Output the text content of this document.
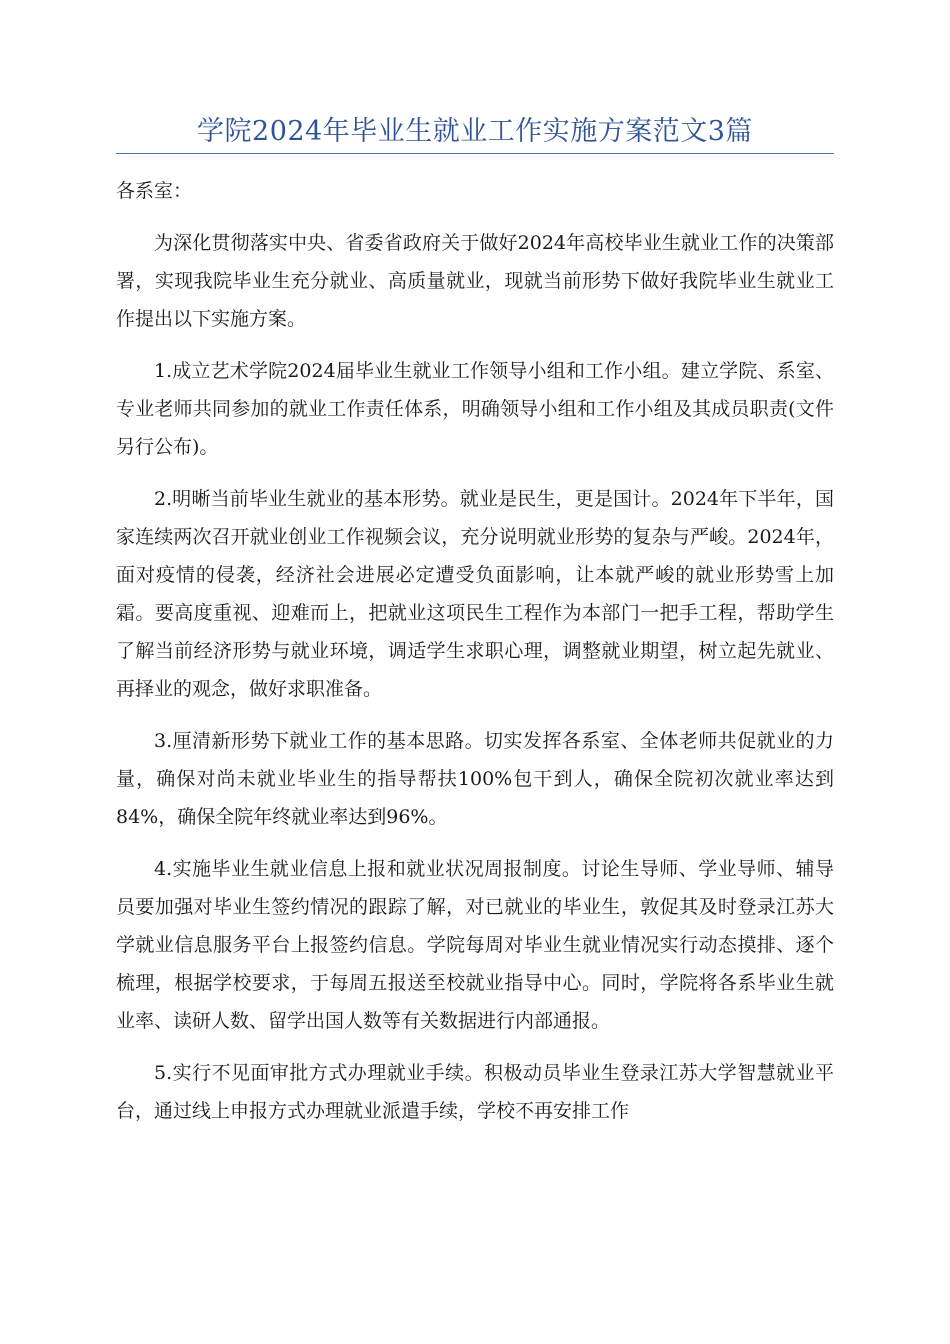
学院2024年毕业生就业工作实施方案范文3篇

各系室：

为深化贯彻落实中央、省委省政府关于做好2024年高校毕业生就业工作的决策部署，实现我院毕业生充分就业、高质量就业，现就当前形势下做好我院毕业生就业工作提出以下实施方案。

1.成立艺术学院2024届毕业生就业工作领导小组和工作小组。建立学院、系室、专业老师共同参加的就业工作责任体系，明确领导小组和工作小组及其成员职责(文件另行公布)。

2.明晰当前毕业生就业的基本形势。就业是民生，更是国计。2024年下半年，国家连续两次召开就业创业工作视频会议，充分说明就业形势的复杂与严峻。2024年，面对疫情的侵袭，经济社会进展必定遭受负面影响，让本就严峻的就业形势雪上加霜。要高度重视、迎难而上，把就业这项民生工程作为本部门一把手工程，帮助学生了解当前经济形势与就业环境，调适学生求职心理，调整就业期望，树立起先就业、再择业的观念，做好求职准备。

3.厘清新形势下就业工作的基本思路。切实发挥各系室、全体老师共促就业的力量，确保对尚未就业毕业生的指导帮扶100%包干到人，确保全院初次就业率达到84%，确保全院年终就业率达到96%。

4.实施毕业生就业信息上报和就业状况周报制度。讨论生导师、学业导师、辅导员要加强对毕业生签约情况的跟踪了解，对已就业的毕业生，敦促其及时登录江苏大学就业信息服务平台上报签约信息。学院每周对毕业生就业情况实行动态摸排、逐个梳理，根据学校要求，于每周五报送至校就业指导中心。同时，学院将各系毕业生就业率、读研人数、留学出国人数等有关数据进行内部通报。

5.实行不见面审批方式办理就业手续。积极动员毕业生登录江苏大学智慧就业平台，通过线上申报方式办理就业派遣手续，学校不再安排工作
